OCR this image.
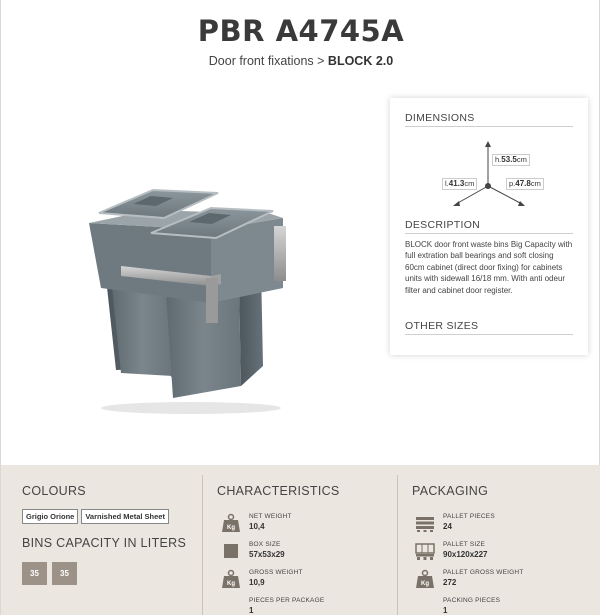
PBR A4745A
Door front fixations > BLOCK 2.0
DIMENSIONS
h.53.5cm
l.41.3cm	p.47.8cm
DESCRIPTION
BLOCK door front waste bins Big Capacity with full extration ball bearings and soft closing 60cm cabinet (direct door fixing) for cabinets units with sidewall 16/18 mm. With anti odeur filter and cabinet door register.
OTHER SIZES
COLOURS
Grigio Orione	Varnished Metal Sheet
BINS CAPACITY IN LITERS
35	35
CHARACTERISTICS
Kg
NET WEIGHT
10,4
BOX SIZE
57x53x29
Kg
GROSS WEIGHT
10,9
PIECES PER PACKAGE
1
PACKAGING
PALLET PIECES
24
PALLET SIZE
90x120x227
Kg
PALLET GROSS WEIGHT
272
PACKING PIECES
1
